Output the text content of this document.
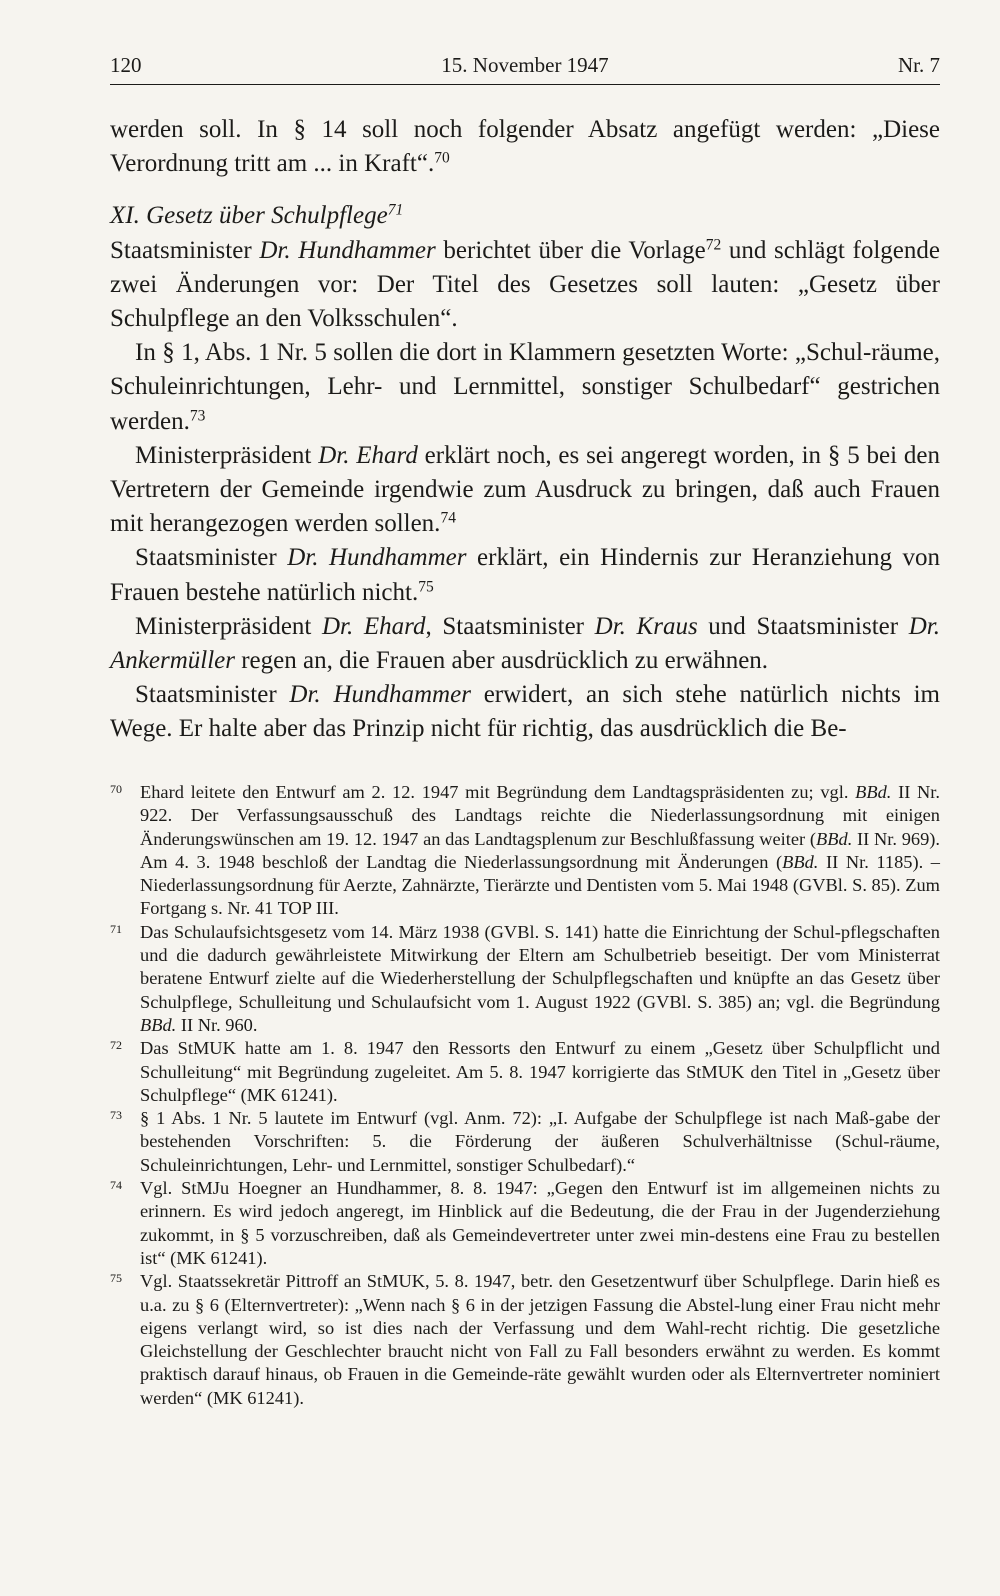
120	15. November 1947	Nr. 7

werden soll. In § 14 soll noch folgender Absatz angefügt werden: „Diese Verordnung tritt am ... in Kraft“.$^{70}$

XI. Gesetz über Schulpflege$^{71}$

Staatsminister Dr. Hundhammer berichtet über die Vorlage$^{72}$ und schlägt folgende zwei Änderungen vor: Der Titel des Gesetzes soll lauten: „Gesetz über Schulpflege an den Volksschulen“.

In § 1, Abs. 1 Nr. 5 sollen die dort in Klammern gesetzten Worte: „Schul-räume, Schuleinrichtungen, Lehr- und Lernmittel, sonstiger Schulbedarf“ gestrichen werden.$^{73}$

Ministerpräsident Dr. Ehard erklärt noch, es sei angeregt worden, in § 5 bei den Vertretern der Gemeinde irgendwie zum Ausdruck zu bringen, daß auch Frauen mit herangezogen werden sollen.$^{74}$

Staatsminister Dr. Hundhammer erklärt, ein Hindernis zur Heranziehung von Frauen bestehe natürlich nicht.$^{75}$

Ministerpräsident Dr. Ehard, Staatsminister Dr. Kraus und Staatsminister Dr. Ankermüller regen an, die Frauen aber ausdrücklich zu erwähnen.

Staatsminister Dr. Hundhammer erwidert, an sich stehe natürlich nichts im Wege. Er halte aber das Prinzip nicht für richtig, das ausdrücklich die Be-

70 Ehard leitete den Entwurf am 2. 12. 1947 mit Begründung dem Landtagspräsidenten zu; vgl. BBd. II Nr. 922. Der Verfassungsausschuß des Landtags reichte die Niederlassungsordnung mit einigen Änderungswünschen am 19. 12. 1947 an das Landtagsplenum zur Beschlußfassung weiter (BBd. II Nr. 969). Am 4. 3. 1948 beschloß der Landtag die Niederlassungsordnung mit Änderungen (BBd. II Nr. 1185). – Niederlassungsordnung für Aerzte, Zahnärzte, Tierärzte und Dentisten vom 5. Mai 1948 (GVBl. S. 85). Zum Fortgang s. Nr. 41 TOP III.

71 Das Schulaufsichtsgesetz vom 14. März 1938 (GVBl. S. 141) hatte die Einrichtung der Schul-pflegschaften und die dadurch gewährleistete Mitwirkung der Eltern am Schulbetrieb beseitigt. Der vom Ministerrat beratene Entwurf zielte auf die Wiederherstellung der Schulpflegschaften und knüpfte an das Gesetz über Schulpflege, Schulleitung und Schulaufsicht vom 1. August 1922 (GVBl. S. 385) an; vgl. die Begründung BBd. II Nr. 960.

72 Das StMUK hatte am 1. 8. 1947 den Ressorts den Entwurf zu einem „Gesetz über Schulpflicht und Schulleitung“ mit Begründung zugeleitet. Am 5. 8. 1947 korrigierte das StMUK den Titel in „Gesetz über Schulpflege“ (MK 61241).

73 § 1 Abs. 1 Nr. 5 lautete im Entwurf (vgl. Anm. 72): „I. Aufgabe der Schulpflege ist nach Maß-gabe der bestehenden Vorschriften: 5. die Förderung der äußeren Schulverhältnisse (Schul-räume, Schuleinrichtungen, Lehr- und Lernmittel, sonstiger Schulbedarf).“

74 Vgl. StMJu Hoegner an Hundhammer, 8. 8. 1947: „Gegen den Entwurf ist im allgemeinen nichts zu erinnern. Es wird jedoch angeregt, im Hinblick auf die Bedeutung, die der Frau in der Jugenderziehung zukommt, in § 5 vorzuschreiben, daß als Gemeindevertreter unter zwei min-destens eine Frau zu bestellen ist“ (MK 61241).

75 Vgl. Staatssekretär Pittroff an StMUK, 5. 8. 1947, betr. den Gesetzentwurf über Schulpflege. Darin hieß es u.a. zu § 6 (Elternvertreter): „Wenn nach § 6 in der jetzigen Fassung die Abstel-lung einer Frau nicht mehr eigens verlangt wird, so ist dies nach der Verfassung und dem Wahl-recht richtig. Die gesetzliche Gleichstellung der Geschlechter braucht nicht von Fall zu Fall besonders erwähnt zu werden. Es kommt praktisch darauf hinaus, ob Frauen in die Gemeinde-räte gewählt wurden oder als Elternvertreter nominiert werden“ (MK 61241).
